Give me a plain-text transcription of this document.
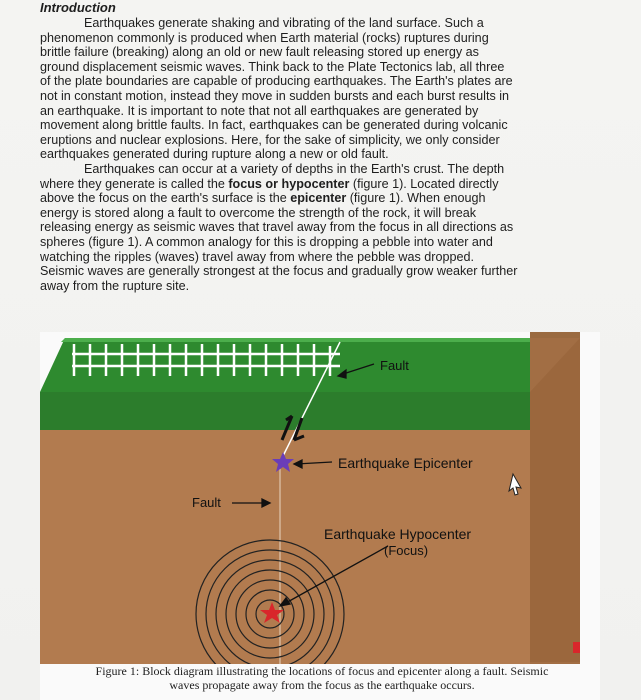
Introduction

Earthquakes generate shaking and vibrating of the land surface. Such a
phenomenon commonly is produced when Earth material (rocks) ruptures during
brittle failure (breaking) along an old or new fault releasing stored up energy as
ground displacement seismic waves. Think back to the Plate Tectonics lab, all three
of the plate boundaries are capable of producing earthquakes. The Earth's plates are
not in constant motion, instead they move in sudden bursts and each burst results in
an earthquake. It is important to note that not all earthquakes are generated by
movement along brittle faults. In fact, earthquakes can be generated during volcanic
eruptions and nuclear explosions. Here, for the sake of simplicity, we only consider
earthquakes generated during rupture along a new or old fault.

Earthquakes can occur at a variety of depths in the Earth's crust. The depth
where they generate is called the focus or hypocenter (figure 1). Located directly
above the focus on the earth's surface is the epicenter (figure 1). When enough
energy is stored along a fault to overcome the strength of the rock, it will break
releasing energy as seismic waves that travel away from the focus in all directions as
spheres (figure 1). A common analogy for this is dropping a pebble into water and
watching the ripples (waves) travel away from where the pebble was dropped.
Seismic waves are generally strongest at the focus and gradually grow weaker further
away from the rupture site.

Fault
Earthquake Epicenter
Fault
Earthquake Hypocenter
(Focus)
Figure 1: Block diagram illustrating the locations of focus and epicenter along a fault. Seismic
waves propagate away from the focus as the earthquake occurs.
